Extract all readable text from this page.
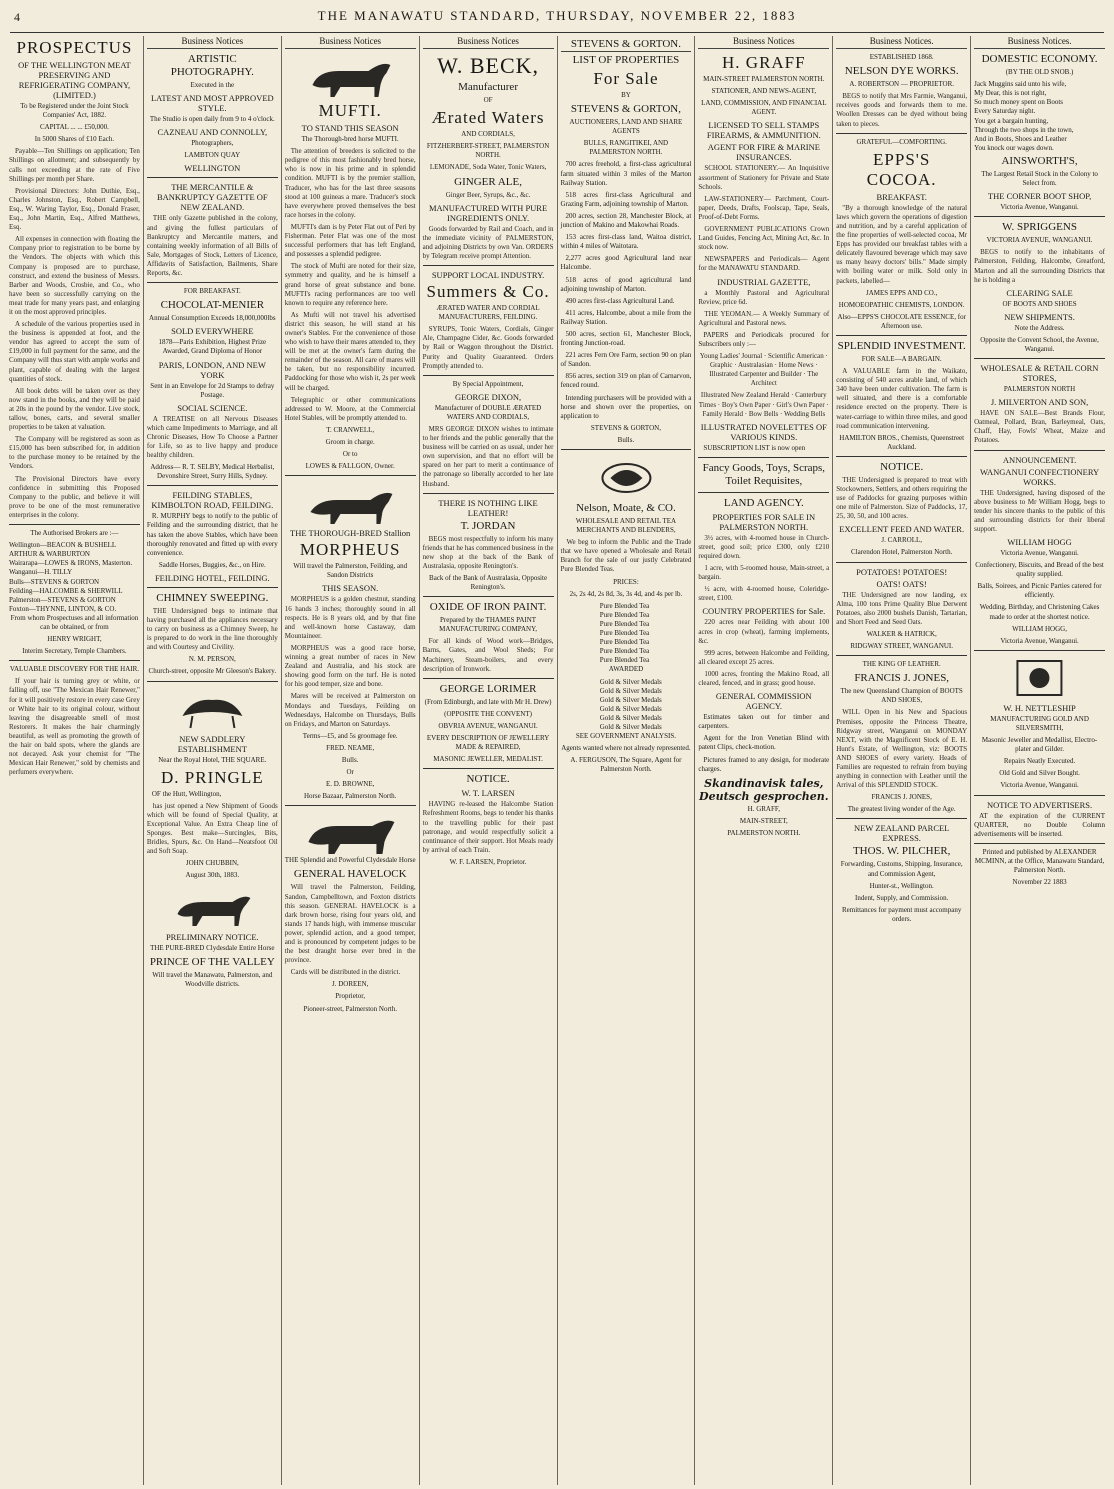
4	THE MANAWATU STANDARD, THURSDAY, NOVEMBER 22, 1883
PROSPECTUS
OF THE WELLINGTON MEAT PRESERVING AND REFRIGERATING COMPANY, (LIMITED.)

To be Registered under the Joint Stock Companies' Act, 1882.

CAPITAL ... ... £50,000.

In 5000 Shares of £10 Each.

Payable—Ten Shillings on application; Ten Shillings on allotment; and subsequently by calls not exceeding at the rate of Five Shillings per month per Share.

Provisional Directors: John Duthie, Esq., Charles Johnston, Esq., Robert Campbell, Esq., W. Waring Taylor, Esq., Donald Fraser, Esq., John Martin, Esq., Alfred Matthews, Esq.

All expenses in connection with floating the Company prior to registration to be borne by the Vendors. The objects with which this Company is proposed are to purchase, construct, and extend the business of Messrs. Barber and Woods, Crosbie, and Co., who have been so successfully carrying on the meat trade for many years past, and enlarging it on the most approved principles.

A schedule of the various properties used in the business is appended at foot, and the vendor has agreed to accept the sum of £19,000 in full payment for the same, and the Company will thus start with ample works and plant, capable of dealing with the largest quantities of stock.

All book debts will be taken over as they now stand in the books, and they will be paid at 20s in the pound by the vendor. Live stock, tallow, bones, carts, and several smaller properties to be taken at valuation.

The Company will be registered as soon as £15,000 has been subscribed for, in addition to the purchase money to be retained by the Vendors.

The Provisional Directors have every confidence in submitting this Proposed Company to the public, and believe it will prove to be one of the most remunerative enterprises in the colony.

The Authorised Brokers are :—

Wellington—BEACON & BUSHELL

ARTHUR & WARBURTON

Wairarapa—LOWES & IRONS, Masterton.

Wanganui—H. TILLY

Bulls—STEVENS & GORTON

Feilding—HALCOMBE & SHERWILL

Palmerston—STEVENS & GORTON

Foxton—THYNNE, LINTON, & CO.

From whom Prospectuses and all information can be obtained, or from

HENRY WRIGHT,

Interim Secretary, Temple Chambers.

VALUABLE DISCOVERY FOR THE HAIR.

If your hair is turning grey or white, or falling off, use "The Mexican Hair Renewer," for it will positively restore in every case Grey or White hair to its original colour, without leaving the disagreeable smell of most Restorers. It makes the hair charmingly beautiful, as well as promoting the growth of the hair on bald spots, where the glands are not decayed. Ask your chemist for "The Mexican Hair Renewer," sold by chemists and perfumers everywhere.

Business Notices
ARTISTIC PHOTOGRAPHY.

Executed in the

LATEST AND MOST APPROVED STYLE.

The Studio is open daily from 9 to 4 o'clock.

CAZNEAU AND CONNOLLY,

Photographers,

LAMBTON QUAY

WELLINGTON
THE MERCANTILE & BANKRUPTCY GAZETTE OF NEW ZEALAND.

THE only Gazette published in the colony, and giving the fullest particulars of Bankruptcy and Mercantile matters, and containing weekly information of all Bills of Sale, Mortgages of Stock, Letters of Licence, Affidavits of Satisfaction, Bailments, Share Reports, &c.

FOR BREAKFAST.

CHOCOLAT-MENIER

Annual Consumption Exceeds 18,000,000lbs

SOLD EVERYWHERE

1878—Paris Exhibition, Highest Prize Awarded, Grand Diploma of Honor

PARIS, LONDON, AND NEW YORK

Sent in an Envelope for 2d Stamps to defray Postage.

SOCIAL SCIENCE.

A TREATISE on all Nervous Diseases which came Impediments to Marriage, and all Chronic Diseases, How To Choose a Partner for Life, so as to live happy and produce healthy children.

Address— R. T. SELBY, Medical Herbalist, Devonshire Street, Surry Hills, Sydney.

FEILDING STABLES, KIMBOLTON ROAD, FEILDING.

R. MURPHY begs to notify to the public of Feilding and the surrounding district, that he has taken the above Stables, which have been thoroughly renovated and fitted up with every convenience.

Saddle Horses, Buggies, &c., on Hire.

FEILDING HOTEL, FEILDING.
CHIMNEY SWEEPING.

THE Undersigned begs to intimate that having purchased all the appliances necessary to carry on business as a Chimney Sweep, he is prepared to do work in the line thoroughly and with Courtesy and Civility.

N. M. PERSON,

Church-street, opposite Mr Gleeson's Bakery.

NEW SADDLERY ESTABLISHMENT

Near the Royal Hotel, THE SQUARE.

D. PRINGLE

OF the Hutt, Wellington,

has just opened a New Shipment of Goods which will be found of Special Quality, at Exceptional Value. An Extra Cheap line of Sponges. Best make—Surcingles, Bits, Bridles, Spurs, &c. On Hand—Neatsfoot Oil and Soft Soap.

JOHN CHUBBIN,

August 30th, 1883.

PRELIMINARY NOTICE.

THE PURE-BRED Clydesdale Entire Horse

PRINCE OF THE VALLEY

Will travel the Manawatu, Palmerston, and Woodville districts.

Business Notices
MUFTI.
TO STAND THIS SEASON

The Thorough-bred horse MUFTI.

The attention of breeders is solicited to the pedigree of this most fashionably bred horse, who is now in his prime and in splendid condition. MUFTI is by the premier stallion, Traducer, who has for the last three seasons stood at 100 guineas a mare. Traducer's stock have everywhere proved themselves the best race horses in the colony.

MUFTI's dam is by Peter Flat out of Peri by Fisherman. Peter Flat was one of the most successful performers that has left England, and possesses a splendid pedigree.

The stock of Mufti are noted for their size, symmetry and quality, and he is himself a grand horse of great substance and bone. MUFTI's racing performances are too well known to require any reference here.

As Mufti will not travel his advertised district this season, he will stand at his owner's Stables. For the convenience of those who wish to have their mares attended to, they will be met at the owner's farm during the remainder of the season. All care of mares will be taken, but no responsibility incurred. Paddocking for those who wish it, 2s per week will be charged.

Telegraphic or other communications addressed to W. Moore, at the Commercial Hotel Stables, will be promptly attended to.

T. CRANWELL,

Groom in charge.

Or to

LOWES & FALLGON, Owner.

THE THOROUGH-BRED Stallion
MORPHEUS

Will travel the Palmerston, Feilding, and Sandon Districts

THIS SEASON.

MORPHEUS is a golden chestnut, standing 16 hands 3 inches; thoroughly sound in all respects. He is 8 years old, and by that fine and well-known horse Castaway, dam Mountaineer.

MORPHEUS was a good race horse, winning a great number of races in New Zealand and Australia, and his stock are showing good form on the turf. He is noted for his good temper, size and bone.

Mares will be received at Palmerston on Mondays and Tuesdays, Feilding on Wednesdays, Halcombe on Thursdays, Bulls on Fridays, and Marton on Saturdays.

Terms—£5, and 5s groomage fee.

FRED. NEAME,

Bulls.

Or

E. D. BROWNE,

Horse Bazaar, Palmerston North.

THE Splendid and Powerful Clydesdale Horse

GENERAL HAVELOCK

Will travel the Palmerston, Feilding, Sandon, Campbelltown, and Foxton districts this season. GENERAL HAVELOCK is a dark brown horse, rising four years old, and stands 17 hands high, with immense muscular power, splendid action, and a good temper, and is pronounced by competent judges to be the best draught horse ever bred in the province.

Cards will be distributed in the district.

J. DOREEN,

Proprietor,

Pioneer-street, Palmerston North.

Business Notices
W. BECK,
Manufacturer

OF

Ærated Waters

AND CORDIALS,

FITZHERBERT-STREET, PALMERSTON NORTH.

LEMONADE, Soda Water, Tonic Waters,

GINGER ALE,

Ginger Beer, Syrups, &c., &c.

MANUFACTURED WITH PURE INGREDIENTS ONLY.

Goods forwarded by Rail and Coach, and in the immediate vicinity of PALMERSTON, and adjoining Districts by own Van. ORDERS by Telegram receive prompt Attention.

SUPPORT LOCAL INDUSTRY.
Summers & Co.

ÆRATED WATER AND CORDIAL MANUFACTURERS, FEILDING.

SYRUPS, Tonic Waters, Cordials, Ginger Ale, Champagne Cider, &c. Goods forwarded by Rail or Waggon throughout the District. Purity and Quality Guaranteed. Orders Promptly attended to.

By Special Appointment,

GEORGE DIXON,

Manufacturer of DOUBLE ÆRATED WATERS AND CORDIALS,

MRS GEORGE DIXON wishes to intimate to her friends and the public generally that the business will be carried on as usual, under her own supervision, and that no effort will be spared on her part to merit a continuance of the patronage so liberally accorded to her late Husband.

THERE IS NOTHING LIKE LEATHER!
T. JORDAN

BEGS most respectfully to inform his many friends that he has commenced business in the new shop at the back of the Bank of Australasia, opposite Renington's.

Back of the Bank of Australasia, Opposite Renington's.

OXIDE OF IRON PAINT.

Prepared by the THAMES PAINT MANUFACTURING COMPANY,

For all kinds of Wood work—Bridges, Barns, Gates, and Wool Sheds; For Machinery, Steam-boilers, and every description of Ironwork.

GEORGE LORIMER

(From Edinburgh, and late with Mr H. Drew)

(OPPOSITE THE CONVENT)

OBVRIA AVENUE, WANGANUI.

EVERY DESCRIPTION OF JEWELLERY MADE & REPAIRED,

MASONIC JEWELLER, MEDALIST.

NOTICE.
W. T. LARSEN

HAVING re-leased the Halcombe Station Refreshment Rooms, begs to tender his thanks to the travelling public for their past patronage, and would respectfully solicit a continuance of their support. Hot Meals ready by arrival of each Train.

W. F. LARSEN, Proprietor.

STEVENS & GORTON.
LIST OF PROPERTIES
For Sale

BY

STEVENS & GORTON,

AUCTIONEERS, LAND AND SHARE AGENTS

BULLS, RANGITIKEI, AND PALMERSTON NORTH.

700 acres freehold, a first-class agricultural farm situated within 3 miles of the Marton Railway Station.

518 acres first-class Agricultural and Grazing Farm, adjoining township of Marton.

200 acres, section 28, Manchester Block, at junction of Makino and Makowhai Roads.

153 acres first-class land, Waitoa district, within 4 miles of Waitotara.

2,277 acres good Agricultural land near Halcombe.

518 acres of good agricultural land adjoining township of Marton.

490 acres first-class Agricultural Land.

411 acres, Halcombe, about a mile from the Railway Station.

500 acres, section 61, Manchester Block, fronting Junction-road.

221 acres Fern Ore Farm, section 90 on plan of Sandon.

856 acres, section 319 on plan of Carnarvon, fenced round.

Intending purchasers will be provided with a horse and shown over the properties, on application to

STEVENS & GORTON,

Bulls.

Nelson, Moate, & CO.

WHOLESALE AND RETAIL TEA MERCHANTS AND BLENDERS,

We beg to inform the Public and the Trade that we have opened a Wholesale and Retail Branch for the sale of our justly Celebrated Pure Blended Teas.

PRICES:

2s, 2s 4d, 2s 8d, 3s, 3s 4d, and 4s per lb.

Pure Blended Tea

Pure Blended Tea

Pure Blended Tea

Pure Blended Tea

Pure Blended Tea

Pure Blended Tea

Pure Blended Tea

AWARDED

Gold & Silver Medals

Gold & Silver Medals

Gold & Silver Medals

Gold & Silver Medals

Gold & Silver Medals

Gold & Silver Medals

SEE GOVERNMENT ANALYSIS.

Agents wanted where not already represented.

A. FERGUSON, The Square, Agent for Palmerston North.

Business Notices
H. GRAFF

MAIN-STREET PALMERSTON NORTH.

STATIONER, AND NEWS-AGENT,

LAND, COMMISSION, AND FINANCIAL AGENT.

LICENSED TO SELL STAMPS FIREARMS, & AMMUNITION.
AGENT FOR FIRE & MARINE INSURANCES.

SCHOOL STATIONERY.— An Inquisitive assortment of Stationery for Private and State Schools.

LAW-STATIONERY— Parchment, Court-paper, Deeds, Drafts, Foolscap, Tape, Seals, Proof-of-Debt Forms.

GOVERNMENT PUBLICATIONS Crown Land Guides, Fencing Act, Mining Act, &c. In stock now.

NEWSPAPERS and Periodicals— Agent for the MANAWATU STANDARD.

INDUSTRIAL GAZETTE,

a Monthly Pastoral and Agricultural Review, price 6d.

THE YEOMAN.— A Weekly Summary of Agricultural and Pastoral news.

PAPERS and Periodicals procured for Subscribers only :—

Young Ladies' Journal · Scientific American · Graphic · Australasian · Home News · Illustrated Carpenter and Builder · The Architect

Illustrated New Zealand Herald · Canterbury Times · Boy's Own Paper · Girl's Own Paper · Family Herald · Bow Bells · Wedding Bells

ILLUSTRATED NOVELETTES OF VARIOUS KINDS.

SUBSCRIPTION LIST is now open

Fancy Goods, Toys, Scraps, Toilet Requisites,
LAND AGENCY.
PROPERTIES FOR SALE IN PALMERSTON NORTH.

3½ acres, with 4-roomed house in Church-street, good soil; price £300, only £210 required down.

1 acre, with 5-roomed house, Main-street, a bargain.

½ acre, with 4-roomed house, Coleridge-street, £100.

COUNTRY PROPERTIES for Sale.

220 acres near Feilding with about 100 acres in crop (wheat), farming implements, &c.

999 acres, between Halcombe and Feilding, all cleared except 25 acres.

1000 acres, fronting the Makino Road, all cleared, fenced, and in grass; good house.

GENERAL COMMISSION AGENCY.

Estimates taken out for timber and carpenters.

Agent for the Iron Venetian Blind with patent Clips, check-motion.

Pictures framed to any design, for moderate charges.

Skandinavisk tales, Deutsch gesprochen.

H. GRAFF,

MAIN-STREET,

PALMERSTON NORTH.

Business Notices.

ESTABLISHED 1868.

NELSON DYE WORKS.

A. ROBERTSON — PROPRIETOR.

BEGS to notify that Mrs Farmie, Wanganui, receives goods and forwards them to me. Woollen Dresses can be dyed without being taken to pieces.

GRATEFUL—COMFORTING.

EPPS'S COCOA.
BREAKFAST.

"By a thorough knowledge of the natural laws which govern the operations of digestion and nutrition, and by a careful application of the fine properties of well-selected cocoa, Mr Epps has provided our breakfast tables with a delicately flavoured beverage which may save us many heavy doctors' bills." Made simply with boiling water or milk. Sold only in packets, labelled—

JAMES EPPS AND CO.,

HOMOEOPATHIC CHEMISTS, LONDON.

Also—EPPS'S CHOCOLATE ESSENCE, for Afternoon use.

SPLENDID INVESTMENT.

FOR SALE—A BARGAIN.

A VALUABLE farm in the Waikato, consisting of 540 acres arable land, of which 340 have been under cultivation. The farm is well situated, and there is a comfortable residence erected on the property. There is water-carriage to within three miles, and good road communication intervening.

HAMILTON BROS., Chemists, Queenstreet Auckland.

NOTICE.

THE Undersigned is prepared to treat with Stockowners, Settlers, and others requiring the use of Paddocks for grazing purposes within one mile of Palmerston. Size of Paddocks, 17, 25, 30, 50, and 100 acres.

EXCELLENT FEED AND WATER.

J. CARROLL,

Clarendon Hotel, Palmerston North.

POTATOES! POTATOES!
OATS! OATS!

THE Undersigned are now landing, ex Alma, 100 tons Prime Quality Blue Derwent Potatoes, also 2000 bushels Danish, Tartarian, and Short Feed and Seed Oats.

WALKER & HATRICK,

RIDGWAY STREET, WANGANUI.

THE KING OF LEATHER.

FRANCIS J. JONES,

The new Queensland Champion of BOOTS AND SHOES,

WILL Open in his New and Spacious Premises, opposite the Princess Theatre, Ridgway street, Wanganui on MONDAY NEXT, with the Magnificent Stock of E. H. Hunt's Estate, of Wellington, viz: BOOTS AND SHOES of every variety. Heads of Families are requested to refrain from buying anything in connection with Leather until the Arrival of this SPLENDID STOCK.

FRANCIS J. JONES,

The greatest living wonder of the Age.

NEW ZEALAND PARCEL EXPRESS.
THOS. W. PILCHER,

Forwarding, Customs, Shipping, Insurance, and Commission Agent,

Hunter-st., Wellington.

Indent, Supply, and Commission.

Remittances for payment must accompany orders.

Business Notices.
DOMESTIC ECONOMY.

(BY THE OLD SNOB.)

Jack Muggins said unto his wife,

My Dear, this is not right,

So much money spent on Boots

Every Saturday night.

You get a bargain hunting,

Through the two shops in the town,

And in Boots, Shoes and Leather

You knock our wages down.

AINSWORTH'S,

The Largest Retail Stock in the Colony to Select from.

THE CORNER BOOT SHOP,

Victoria Avenue, Wanganui.

W. SPRIGGENS

VICTORIA AVENUE, WANGANUI.

BEGS to notify to the inhabitants of Palmerston, Feilding, Halcombe, Greatford, Marton and all the surrounding Districts that he is holding a

CLEARING SALE

OF BOOTS AND SHOES

NEW SHIPMENTS.

Note the Address.

Opposite the Convent School, the Avenue, Wanganui.

WHOLESALE & RETAIL CORN STORES,

PALMERSTON NORTH

J. MILVERTON AND SON,

HAVE ON SALE—Best Brands Flour, Oatmeal, Pollard, Bran, Barleymeal, Oats, Chaff, Hay, Fowls' Wheat, Maize and Potatoes.

ANNOUNCEMENT.
WANGANUI CONFECTIONERY WORKS.

THE Undersigned, having disposed of the above business to Mr William Hogg, begs to tender his sincere thanks to the public of this and surrounding districts for their liberal support.

WILLIAM HOGG

Victoria Avenue, Wanganui.

Confectionery, Biscuits, and Bread of the best quality supplied.

Balls, Soirees, and Picnic Parties catered for efficiently.

Wedding, Birthday, and Christening Cakes made to order at the shortest notice.

WILLIAM HOGG,

Victoria Avenue, Wanganui.

W. H. NETTLESHIP

MANUFACTURING GOLD AND SILVERSMITH,

Masonic Jeweller and Medallist, Electro-plater and Gilder.

Repairs Neatly Executed.

Old Gold and Silver Bought.

Victoria Avenue, Wanganui.

NOTICE TO ADVERTISERS.

AT the expiration of the CURRENT QUARTER, no Double Column advertisements will be inserted.

Printed and published by ALEXANDER MCMINN, at the Office, Manawatu Standard, Palmerston North.

November 22 1883
